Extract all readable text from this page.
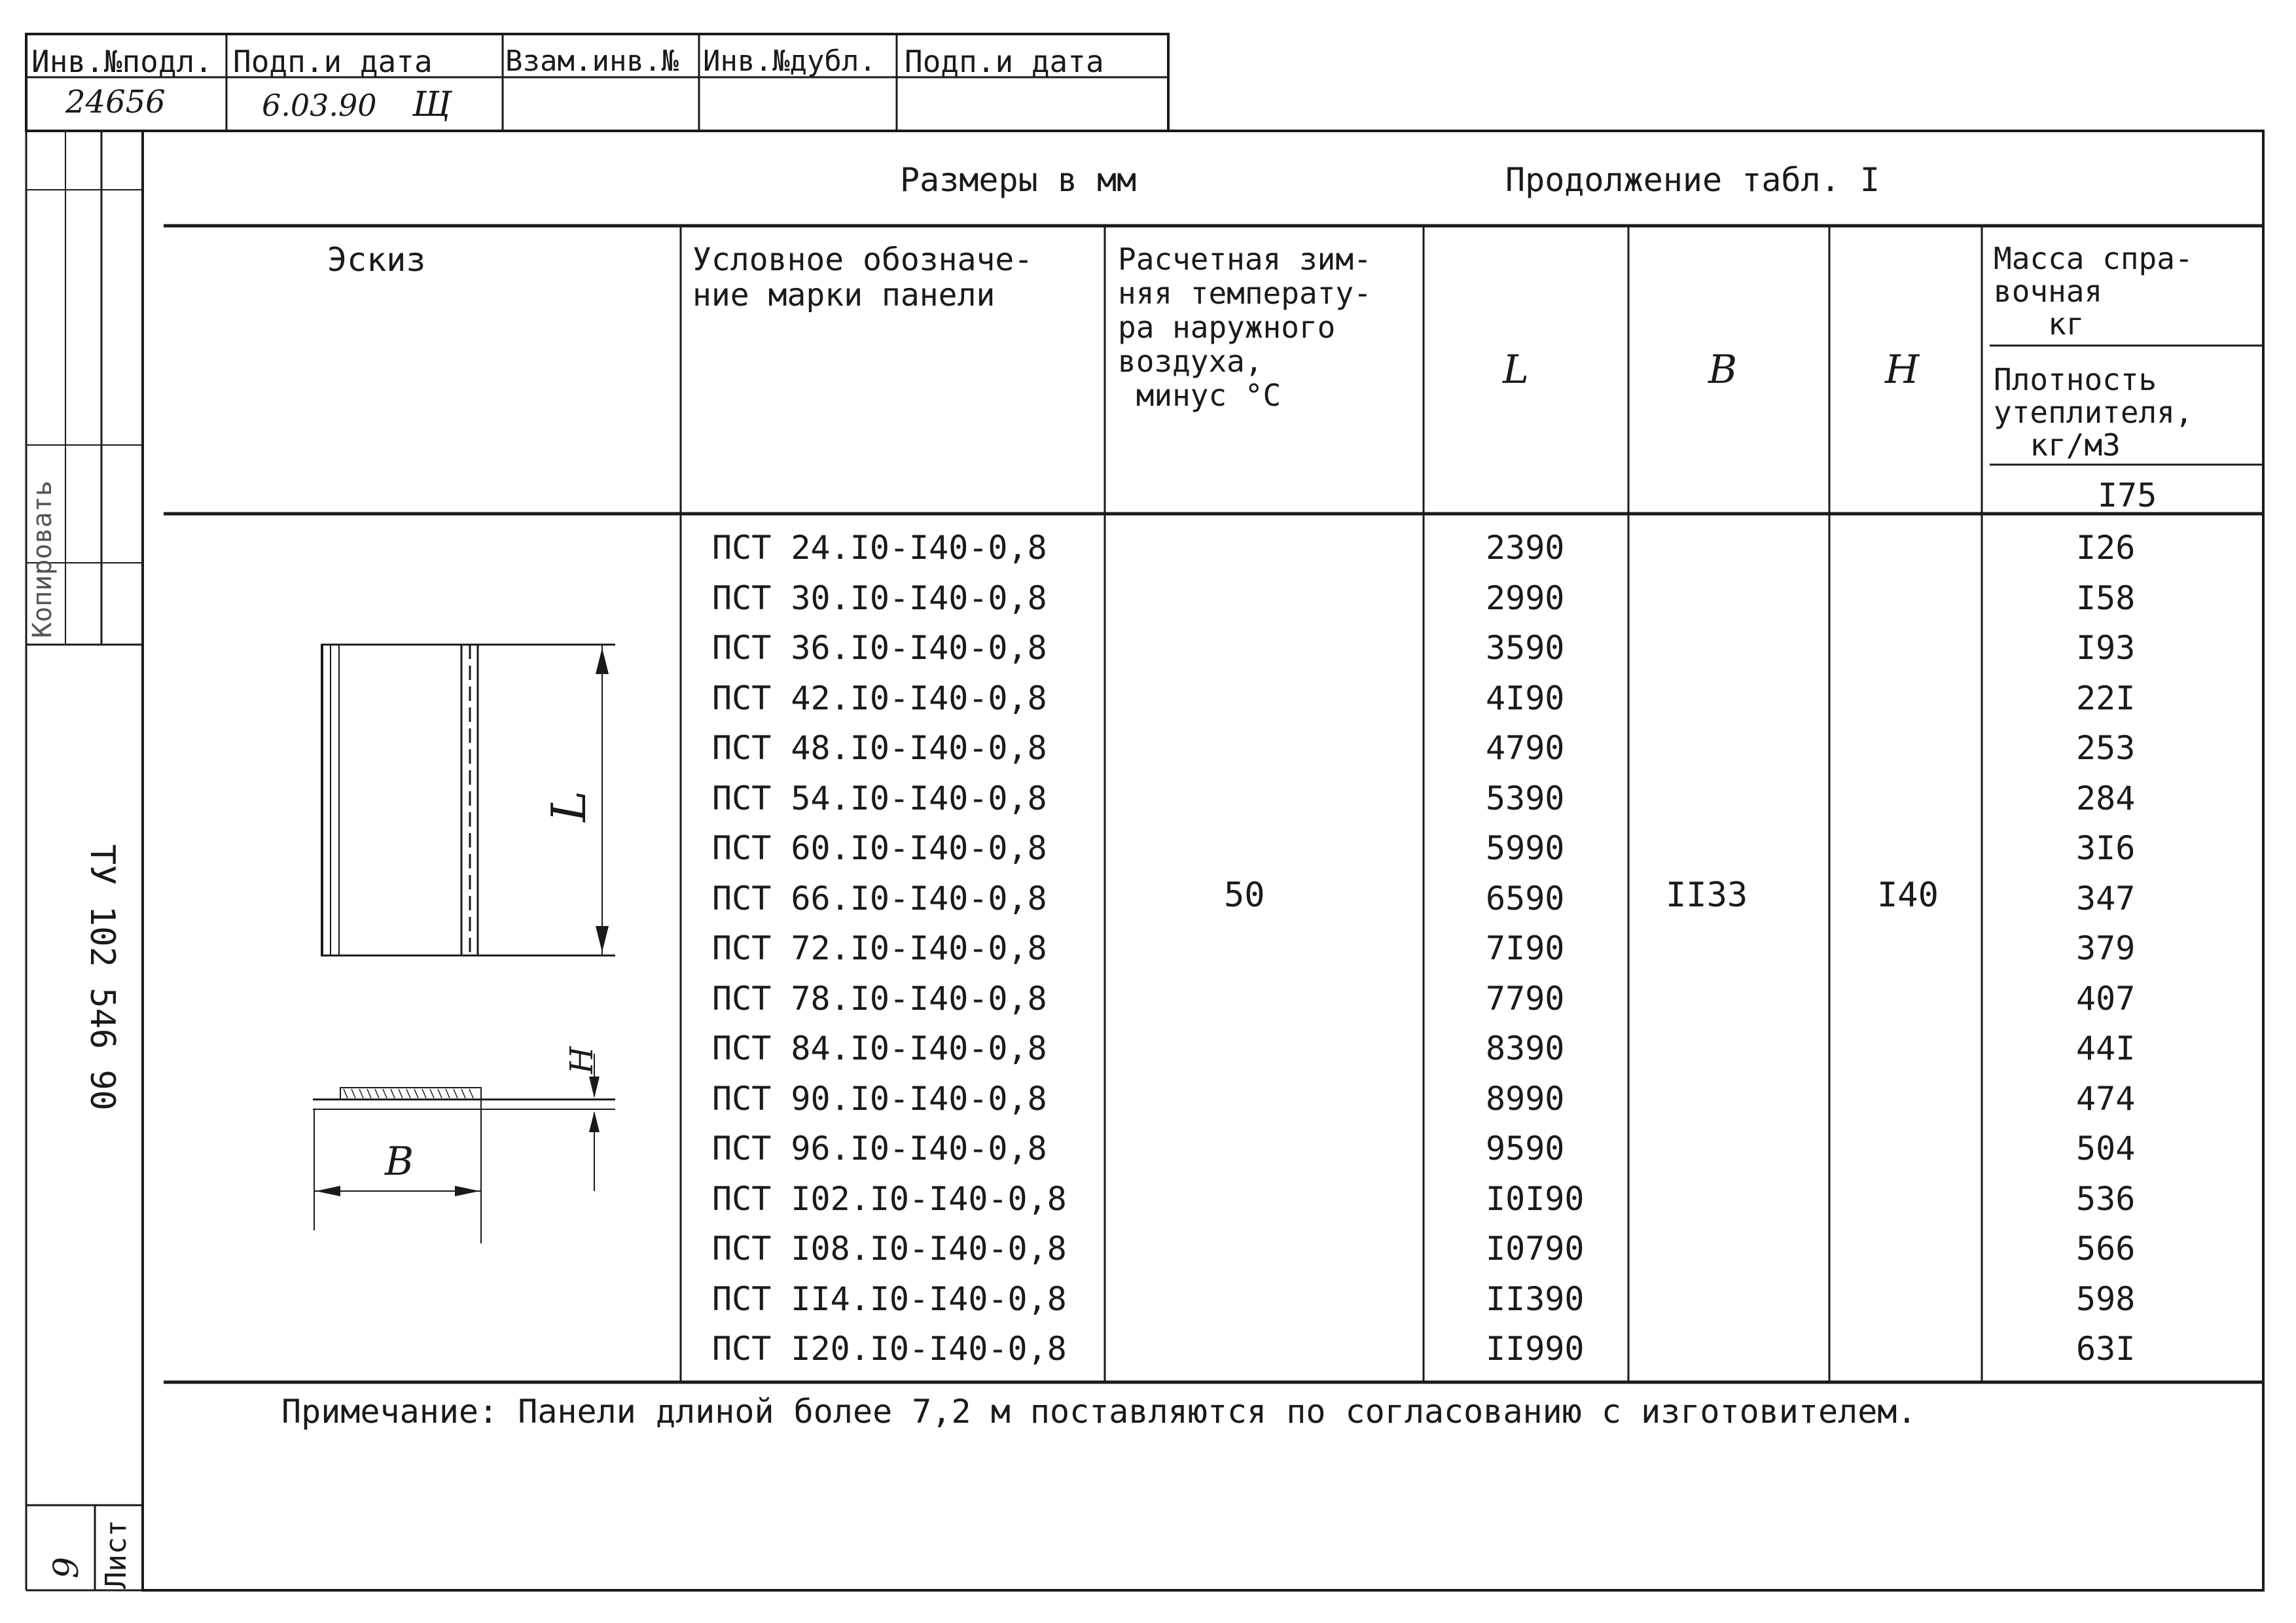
Инв.№подл. Подп.и дата	Взам.инв.№ Инв.№дубл. Подп.и дата
24656	6.03.90 Щ
Копировать
ТУ 102 546 90
Лист
9
Размеры в мм	Продолжение табл. I
Эскиз	Условное обозначе-
ние марки панели
Расчетная зим-
няя температу-
ра наружного
воздуха,
минус °С
L	B	H
Масса спра-
вочная
кг
Плотность
утеплителя,
кг/м3
I75
50	II33	I40
ПСТ 24.I0-I40-0,8	2390	I26
ПСТ 30.I0-I40-0,8	2990	I58
ПСТ 36.I0-I40-0,8	3590	I93
ПСТ 42.I0-I40-0,8	4I90	22I
ПСТ 48.I0-I40-0,8	4790	253
ПСТ 54.I0-I40-0,8	5390	284
ПСТ 60.I0-I40-0,8	5990	3I6
ПСТ 66.I0-I40-0,8	6590	347
ПСТ 72.I0-I40-0,8	7I90	379
ПСТ 78.I0-I40-0,8	7790	407
ПСТ 84.I0-I40-0,8	8390	44I
ПСТ 90.I0-I40-0,8	8990	474
ПСТ 96.I0-I40-0,8	9590	504
ПСТ I02.I0-I40-0,8	I0I90	536
ПСТ I08.I0-I40-0,8	I0790	566
ПСТ II4.I0-I40-0,8	II390	598
ПСТ I20.I0-I40-0,8	II990	63I
L
B
H
Примечание: Панели длиной более 7,2 м поставляются по согласованию с изготовителем.
